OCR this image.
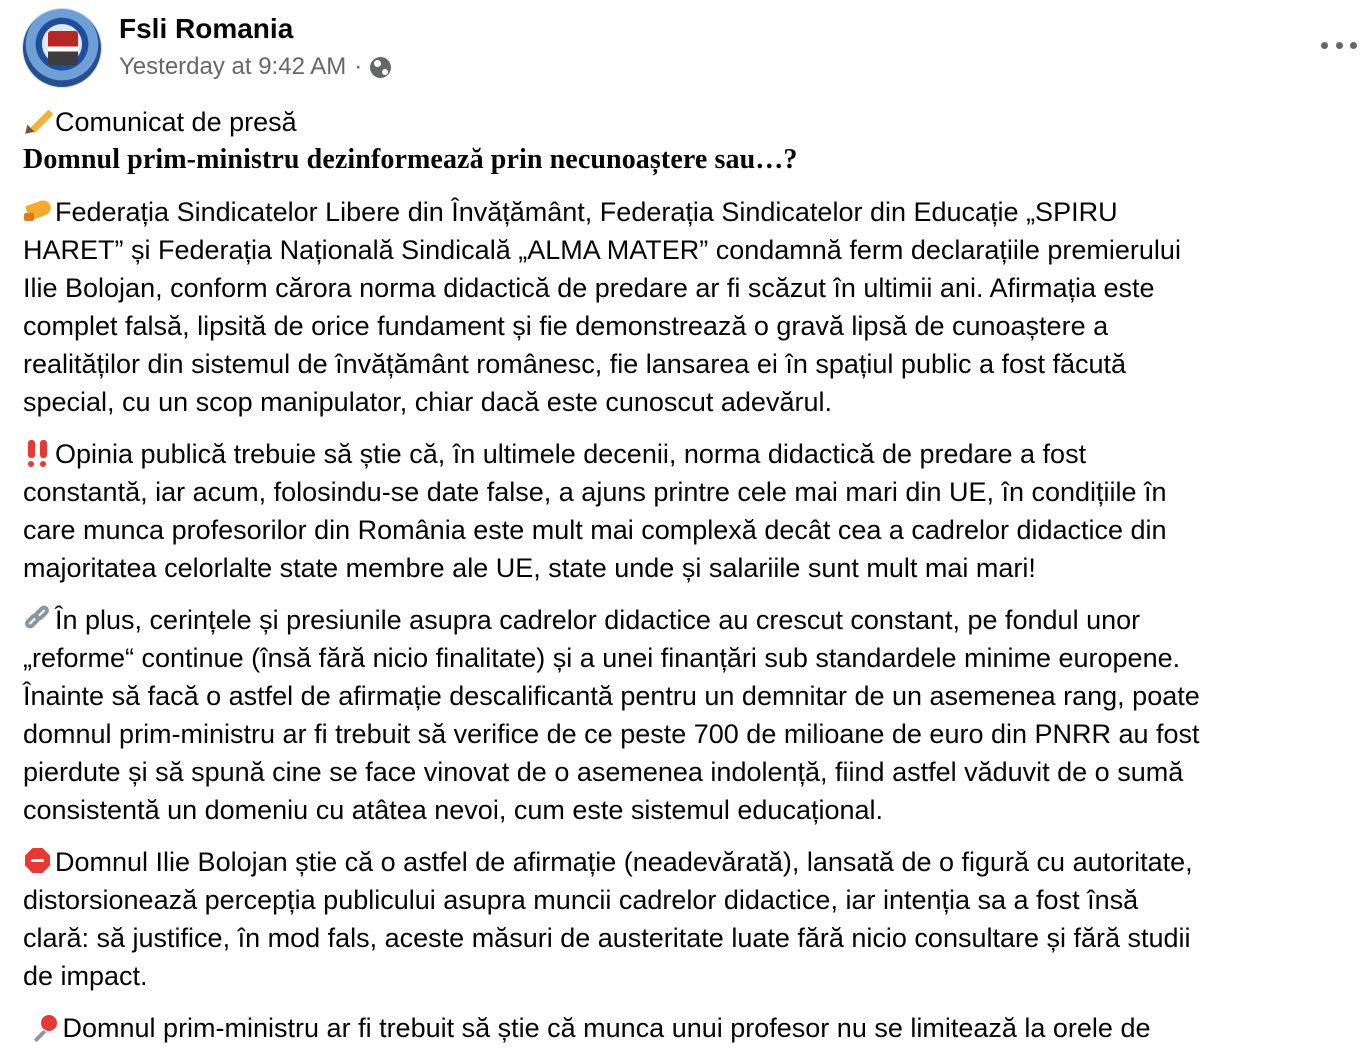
Fsli Romania
Yesterday at 9:42 AM ·

Comunicat de presă

Domnul prim-ministru dezinformează prin necunoaștere sau…?

Federația Sindicatelor Libere din Învățământ, Federația Sindicatelor din Educație „SPIRU

HARET” și Federația Națională Sindicală „ALMA MATER” condamnă ferm declarațiile premierului

Ilie Bolojan, conform cărora norma didactică de predare ar fi scăzut în ultimii ani. Afirmația este

complet falsă, lipsită de orice fundament și fie demonstrează o gravă lipsă de cunoaștere a

realităților din sistemul de învățământ românesc, fie lansarea ei în spațiul public a fost făcută

special, cu un scop manipulator, chiar dacă este cunoscut adevărul.

Opinia publică trebuie să știe că, în ultimele decenii, norma didactică de predare a fost

constantă, iar acum, folosindu-se date false, a ajuns printre cele mai mari din UE, în condițiile în

care munca profesorilor din România este mult mai complexă decât cea a cadrelor didactice din

majoritatea celorlalte state membre ale UE, state unde și salariile sunt mult mai mari!

În plus, cerințele și presiunile asupra cadrelor didactice au crescut constant, pe fondul unor

„reforme“ continue (însă fără nicio finalitate) și a unei finanțări sub standardele minime europene.

Înainte să facă o astfel de afirmație descalificantă pentru un demnitar de un asemenea rang, poate

domnul prim-ministru ar fi trebuit să verifice de ce peste 700 de milioane de euro din PNRR au fost

pierdute și să spună cine se face vinovat de o asemenea indolență, fiind astfel văduvit de o sumă

consistentă un domeniu cu atâtea nevoi, cum este sistemul educațional.

Domnul Ilie Bolojan știe că o astfel de afirmație (neadevărată), lansată de o figură cu autoritate,

distorsionează percepția publicului asupra muncii cadrelor didactice, iar intenția sa a fost însă

clară: să justifice, în mod fals, aceste măsuri de austeritate luate fără nicio consultare și fără studii

de impact.

Domnul prim-ministru ar fi trebuit să știe că munca unui profesor nu se limitează la orele de
